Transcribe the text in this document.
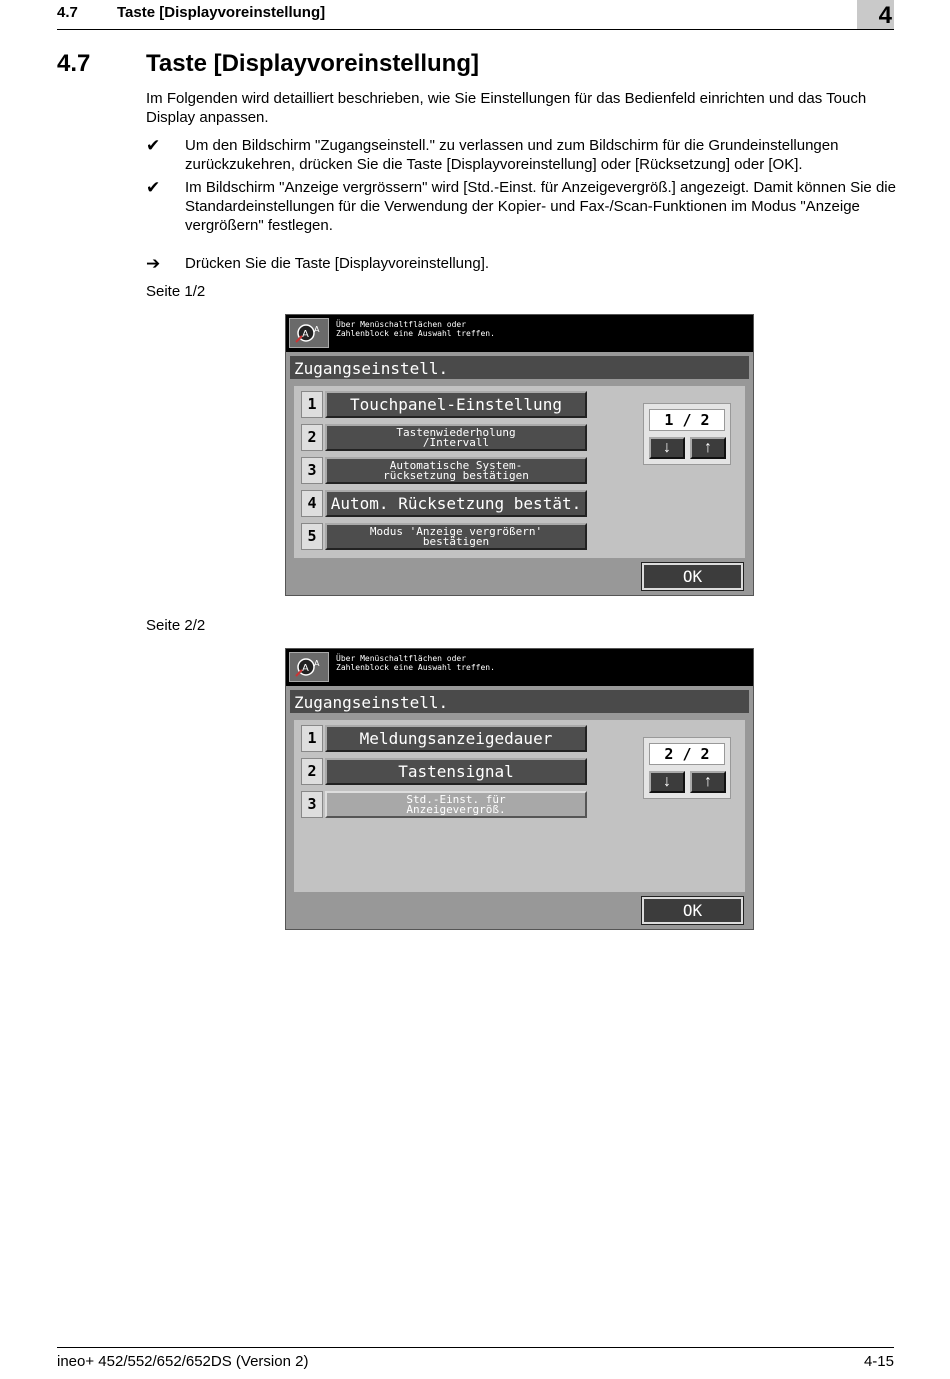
4.7	Taste [Displayvoreinstellung]	4
4.7 Taste [Displayvoreinstellung]
Im Folgenden wird detailliert beschrieben, wie Sie Einstellungen für das Bedienfeld einrichten und das Touch Display anpassen.
✔	Um den Bildschirm "Zugangseinstell." zu verlassen und zum Bildschirm für die Grundeinstellungen zurückzukehren, drücken Sie die Taste [Displayvoreinstellung] oder [Rücksetzung] oder [OK].
✔	Im Bildschirm "Anzeige vergrössern" wird [Std.-Einst. für Anzeigevergröß.] angezeigt. Damit können Sie die Standardeinstellungen für die Verwendung der Kopier- und Fax-/Scan-Funktionen im Modus "Anzeige vergrößern" festlegen.
➔	Drücken Sie die Taste [Displayvoreinstellung].
Seite 1/2
A A
Über Menüschaltflächen oder
Zahlenblock eine Auswahl treffen.
Zugangseinstell.
1	Touchpanel-Einstellung
2	Tastenwiederholung
/Intervall
3	Automatische System-
rücksetzung bestätigen
4 Autom. Rücksetzung bestät.
5	Modus 'Anzeige vergrößern'
bestätigen
1 / 2
↓	↑
OK
Seite 2/2
A A
Über Menüschaltflächen oder
Zahlenblock eine Auswahl treffen.
Zugangseinstell.
1	Meldungsanzeigedauer
2	Tastensignal
3	Std.-Einst. für
Anzeigevergröß.
2 / 2
↓	↑
OK
ineo+ 452/552/652/652DS (Version 2)	4-15
